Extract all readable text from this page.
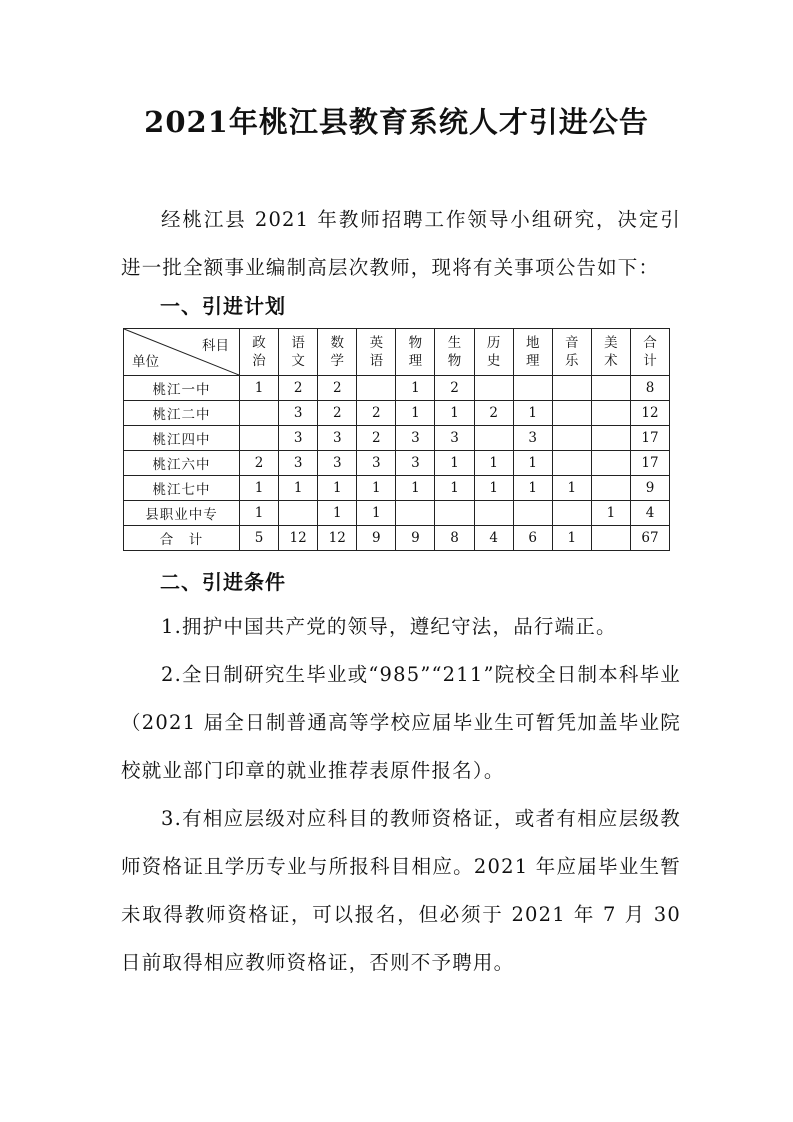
2021年桃江县教育系统人才引进公告

经桃江县 2021 年教师招聘工作领导小组研究，决定引进一批全额事业编制高层次教师，现将有关事项公告如下：

一、引进计划
科目
单位	政治	语文	数学	英语	物理	生物	历史	地理	音乐	美术	合计
桃江一中	1	2	2		1	2					8
桃江二中		3	2	2	1	1	2	1			12
桃江四中		3	3	2	3	3		3			17
桃江六中	2	3	3	3	3	1	1	1			17
桃江七中	1	1	1	1	1	1	1	1	1		9
县职业中专	1		1	1						1	4
合　计	5	12	12	9	9	8	4	6	1		67
二、引进条件

1.拥护中国共产党的领导，遵纪守法，品行端正。

2.全日制研究生毕业或“985”“211”院校全日制本科毕业（2021 届全日制普通高等学校应届毕业生可暂凭加盖毕业院校就业部门印章的就业推荐表原件报名）。

3.有相应层级对应科目的教师资格证，或者有相应层级教师资格证且学历专业与所报科目相应。2021 年应届毕业生暂未取得教师资格证，可以报名，但必须于 2021 年 7 月 30 日前取得相应教师资格证，否则不予聘用。
